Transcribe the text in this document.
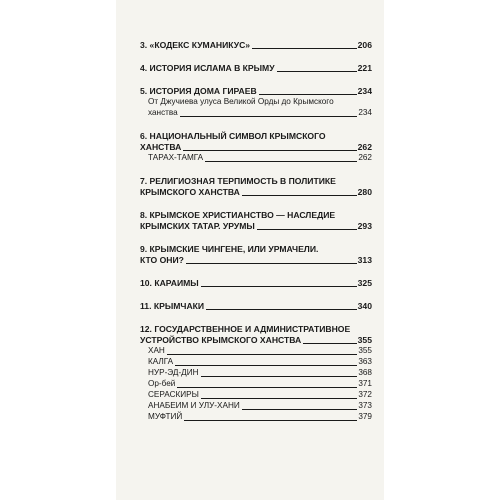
3. «КОДЕКС КУМАНИКУС»	206
4. ИСТОРИЯ ИСЛАМА В КРЫМУ	221
5. ИСТОРИЯ ДОМА ГИРАЕВ	234
От Джучиева улуса Великой Орды до Крымского
ханства	234
6. НАЦИОНАЛЬНЫЙ СИМВОЛ КРЫМСКОГО
ХАНСТВА	262
ТАРАХ-ТАМГА	262
7. РЕЛИГИОЗНАЯ ТЕРПИМОСТЬ В ПОЛИТИКЕ
КРЫМСКОГО ХАНСТВА	280
8. КРЫМСКОЕ ХРИСТИАНСТВО — НАСЛЕДИЕ
КРЫМСКИХ ТАТАР. УРУМЫ	293
9. КРЫМСКИЕ ЧИНГЕНЕ, ИЛИ УРМАЧЕЛИ.
КТО ОНИ?	313
10. КАРАИМЫ	325
11. КРЫМЧАКИ	340
12. ГОСУДАРСТВЕННОЕ И АДМИНИСТРАТИВНОЕ
УСТРОЙСТВО КРЫМСКОГО ХАНСТВА	355
ХАН	355
КАЛГА	363
НУР-ЭД-ДИН	368
Ор-бей	371
СЕРАСКИРЫ	372
АНАБЕИМ И УЛУ-ХАНИ	373
МУФТИЙ	379
